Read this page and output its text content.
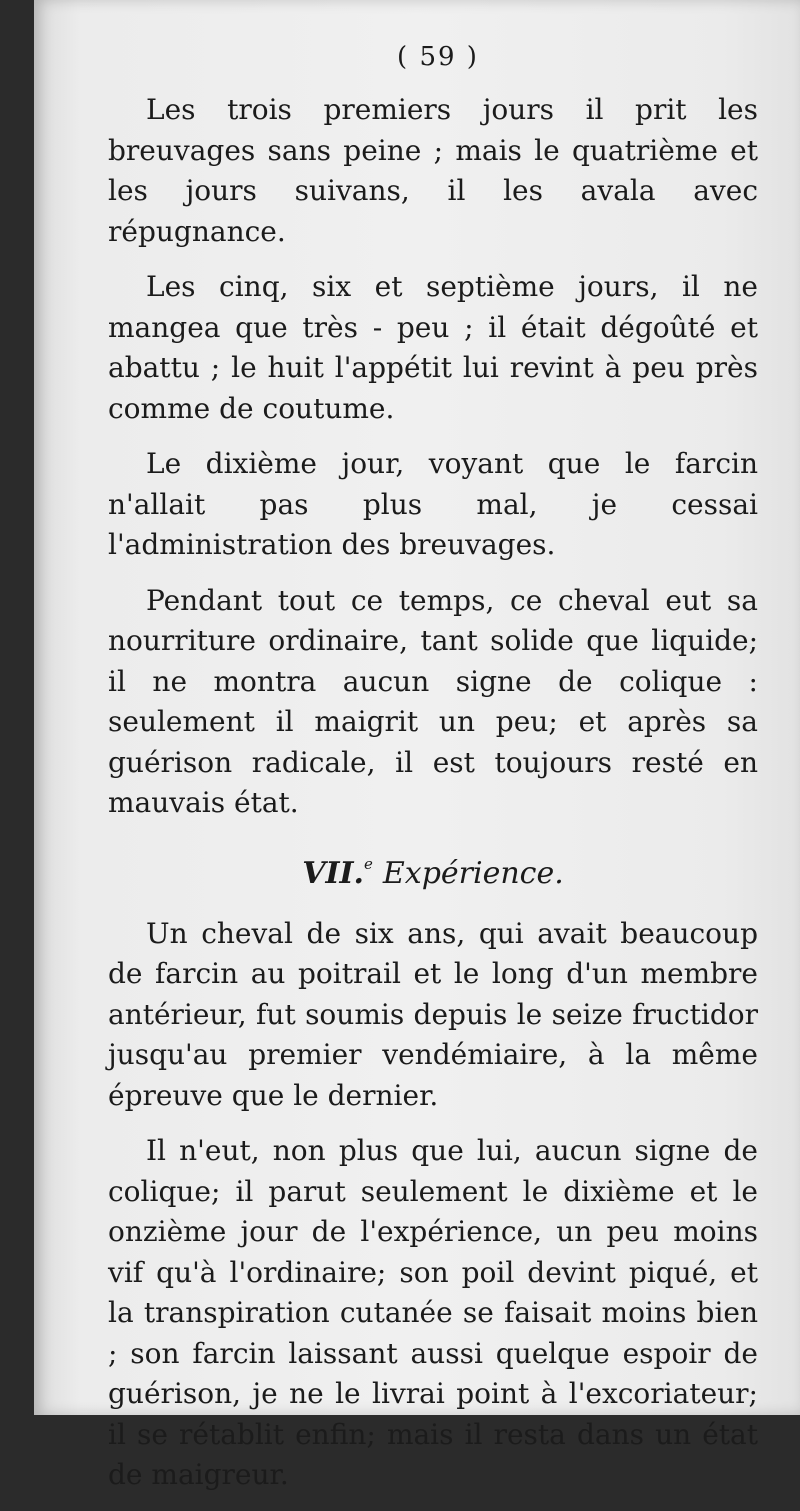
( 59 )

Les trois premiers jours il prit les breuvages sans peine ; mais le quatrième et les jours suivans, il les avala avec répugnance.

Les cinq, six et septième jours, il ne mangea que très - peu ; il était dégoûté et abattu ; le huit l'appétit lui revint à peu près comme de coutume.

Le dixième jour, voyant que le farcin n'allait pas plus mal, je cessai l'administration des breuvages.

Pendant tout ce temps, ce cheval eut sa nourriture ordinaire, tant solide que liquide; il ne montra aucun signe de colique : seulement il maigrit un peu; et après sa guérison radicale, il est toujours resté en mauvais état.

VII.$^e$ Expérience.

Un cheval de six ans, qui avait beaucoup de farcin au poitrail et le long d'un membre antérieur, fut soumis depuis le seize fructidor jusqu'au premier vendémiaire, à la même épreuve que le dernier.

Il n'eut, non plus que lui, aucun signe de colique; il parut seulement le dixième et le onzième jour de l'expérience, un peu moins vif qu'à l'ordinaire; son poil devint piqué, et la transpiration cutanée se faisait moins bien ; son farcin laissant aussi quelque espoir de guérison, je ne le livrai point à l'excoriateur; il se rétablit enfin; mais il resta dans un état de maigreur.
